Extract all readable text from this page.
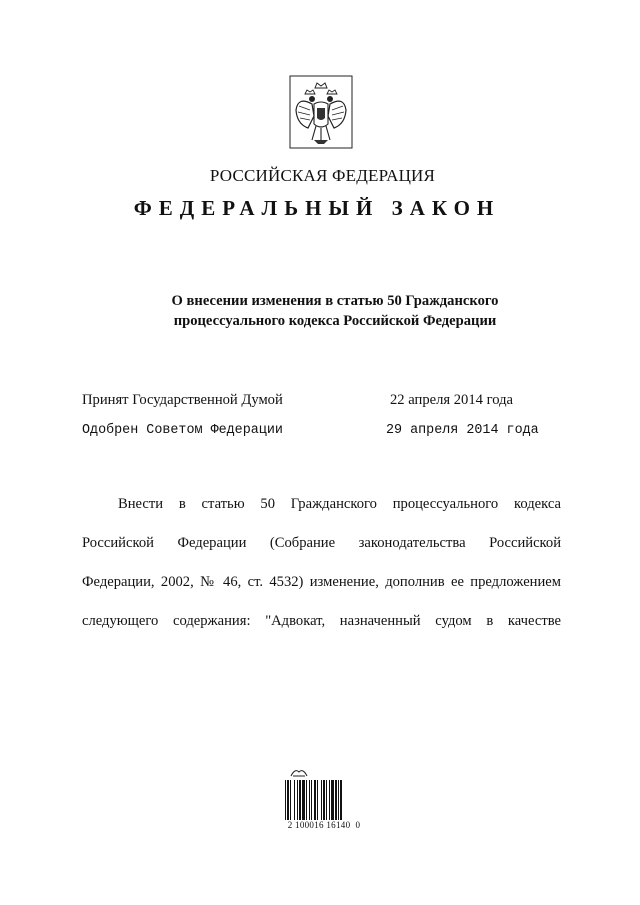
РОССИЙСКАЯ ФЕДЕРАЦИЯ
ФЕДЕРАЛЬНЫЙ ЗАКОН
О внесении изменения в статью 50 Гражданского
процессуального кодекса Российской Федерации
Принят Государственной Думой	22 апреля 2014 года
Одобрен Советом Федерации	29 апреля 2014 года
Внести в статью 50 Гражданского процессуального кодекса
Российской Федерации (Собрание законодательства Российской
Федерации, 2002, № 46, ст. 4532) изменение, дополнив ее предложением
следующего содержания: "Адвокат, назначенный судом в качестве
2 100016 16140  0
